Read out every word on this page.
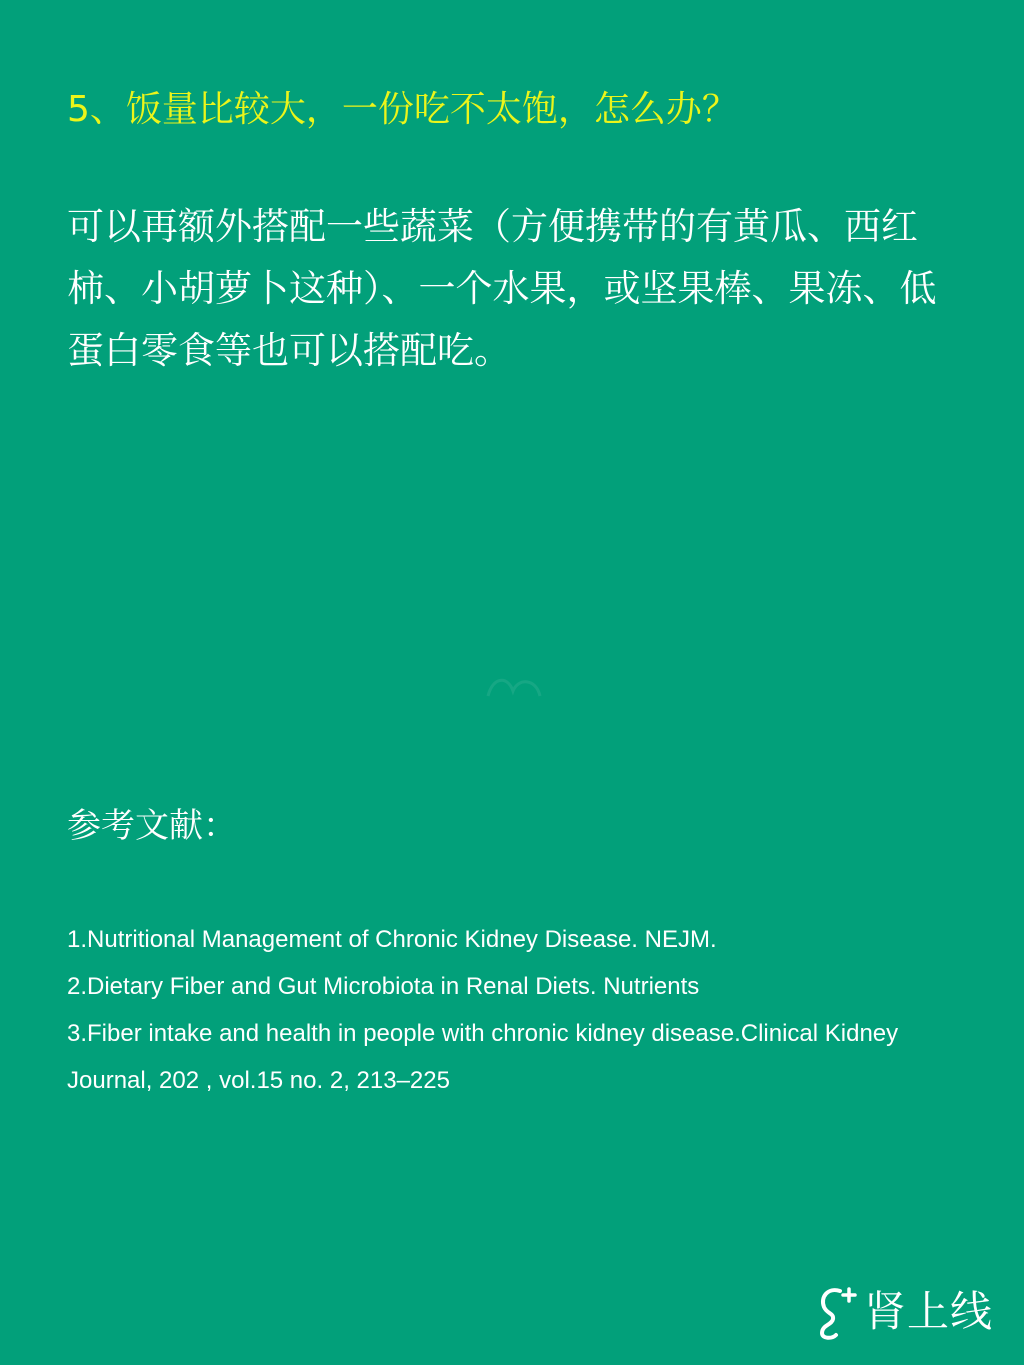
5、饭量比较大，一份吃不太饱，怎么办？

可以再额外搭配一些蔬菜（方便携带的有黄瓜、西红柿、小胡萝卜这种）、一个水果，或坚果棒、果冻、低蛋白零食等也可以搭配吃。

参考文献：
1.Nutritional Management of Chronic Kidney Disease. NEJM.
2.Dietary Fiber and Gut Microbiota in Renal Diets. Nutrients
3.Fiber intake and health in people with chronic kidney disease.Clinical Kidney Journal, 202 , vol.15 no. 2, 213–225
肾上线
